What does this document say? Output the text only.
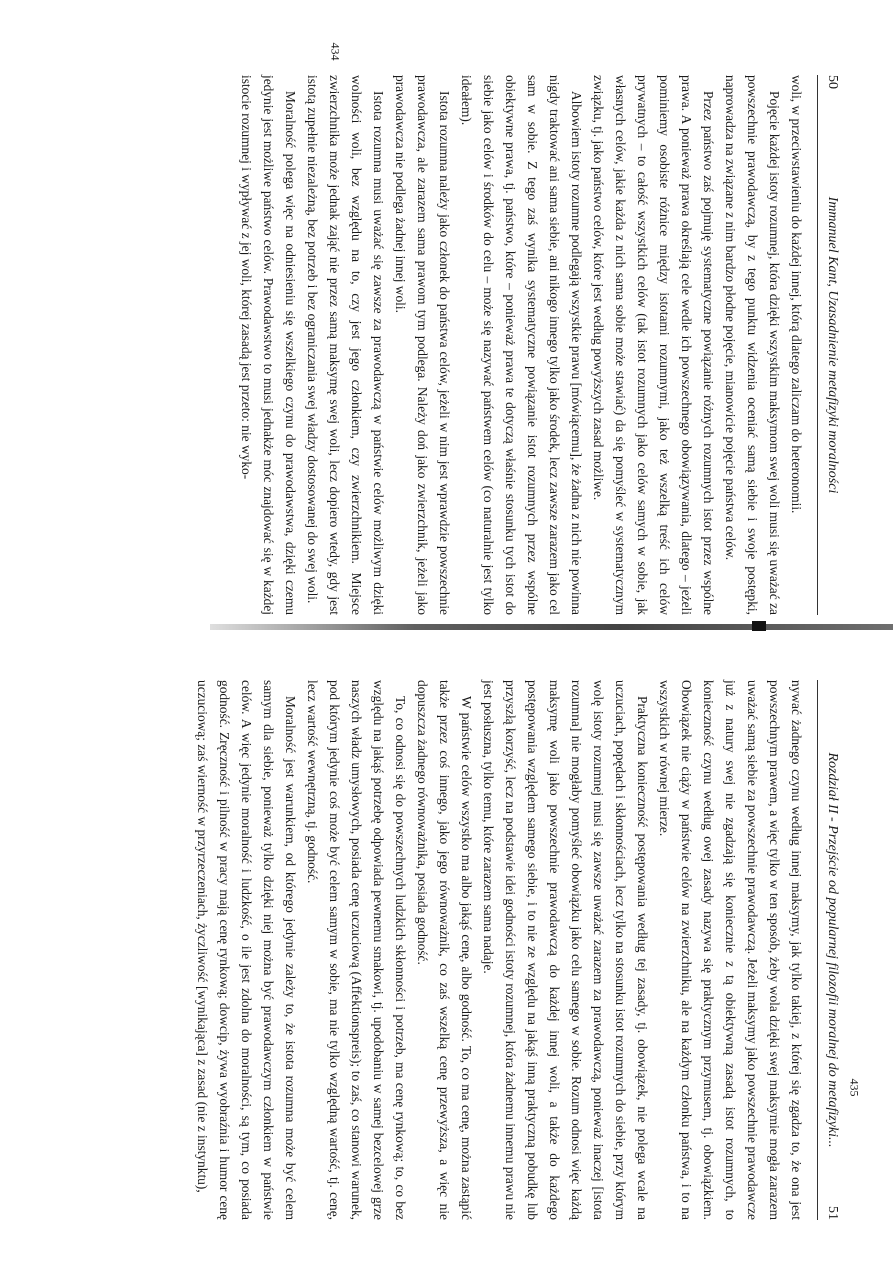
50
Immanuel Kant, Uzasadnienie metafizyki moralności

woli, w przeciwstawieniu do każdej innej, którą dlatego zaliczam do heteronomii.

Pojęcie każdej istoty rozumnej, która dzięki wszystkim maksymom swej woli musi się uważać za powszechnie prawodawczą, by z tego punktu widzenia oceniać samą siebie i swoje postępki, naprowadza na związane z nim bardzo płodne pojęcie, mianowicie pojęcie państwa celów.

Przez państwo zaś pojmuję systematyczne powiązanie różnych rozumnych istot przez wspólne prawa. A ponieważ prawa określają cele wedle ich powszechnego obowiązywania, dlatego – jeżeli pominiemy osobiste różnice między istotami rozumnymi, jako też wszelką treść ich celów prywatnych – to całość wszystkich celów (tak istot rozumnych jako celów samych w sobie, jak własnych celów, jakie każda z nich sama sobie może stawiać) da się pomyśleć w systematycznym związku, tj. jako państwo celów, które jest według powyższych zasad możliwe.

Albowiem istoty rozumne podlegają wszystkie prawu [mówiącemu], że żadna z nich nie powinna nigdy traktować ani sama siebie, ani nikogo innego tylko jako środek, lecz zawsze zarazem jako cel sam w sobie. Z tego zaś wynika systematyczne powiązanie istot rozumnych przez wspólne obiektywne prawa, tj. państwo, które – ponieważ prawa te dotyczą właśnie stosunku tych istot do siebie jako celów i środków do celu – może się nazywać państwem celów (co naturalnie jest tylko ideałem).

Istota rozumna należy jako członek do państwa celów, jeżeli w nim jest wprawdzie powszechnie prawodawcza, ale zarazem sama prawom tym podlega. Należy doń jako zwierzchnik, jeżeli jako prawodawcza nie podlega żadnej innej woli.

Istota rozumna musi uważać się zawsze za prawodawczą w państwie celów możliwym dzięki wolności woli, bez względu na to, czy jest jego członkiem, czy zwierzchnikiem. Miejsce zwierzchnika może jednak zająć nie przez samą maksymę swej woli, lecz dopiero wtedy, gdy jest istotą zupełnie niezależną, bez potrzeb i bez ograniczania swej władzy dostosowanej do swej woli.

Moralność polega więc na odniesieniu się wszelkiego czynu do prawodawstwa, dzięki czemu jedynie jest możliwe państwo celów. Prawodawstwo to musi jednakże móc znajdować się w każdej istocie rozumnej i wypływać z jej woli, której zasadą jest przeto: nie wyko-

434
Rozdział II - Przejście od popularnej filozofii moralnej do metafizyki...
51

nywać żadnego czynu według innej maksymy, jak tylko takiej, z której się zgadza to, że ona jest powszechnym prawem, a więc tylko w ten sposób, żeby wola dzięki swej maksymie mogła zarazem uważać samą siebie za powszechnie prawodawczą. Jeżeli maksymy jako powszechnie prawodawcze już z natury swej nie zgadzają się koniecznie z tą obiektywną zasadą istot rozumnych, to konieczność czynu według owej zasady nazywa się praktycznym przymusem, tj. obowiązkiem. Obowiązek nie ciąży w państwie celów na zwierzchniku, ale na każdym członku państwa, i to na wszystkich w równej mierze.

Praktyczna konieczność postępowania według tej zasady, tj. obowiązek, nie polega wcale na uczuciach, popędach i skłonnościach, lecz tylko na stosunku istot rozumnych do siebie, przy którym wolę istoty rozumnej musi się zawsze uważać zarazem za prawodawczą, ponieważ inaczej [istota rozumna] nie mogłaby pomyśleć obowiązku jako celu samego w sobie. Rozum odnosi więc każdą maksymę woli jako powszechnie prawodawczą do każdej innej woli, a także do każdego postępowania względem samego siebie, i to nie ze względu na jakąś inną praktyczną pobudkę lub przyszłą korzyść, lecz na podstawie idei godności istoty rozumnej, która żadnemu innemu prawu nie jest posłuszna, tylko temu, które zarazem sama nadaje.

W państwie celów wszystko ma albo jakąś cenę, albo godność. To, co ma cenę, można zastąpić także przez coś innego, jako jego równoważnik, co zaś wszelką cenę przewyższa, a więc nie dopuszcza żadnego równoważnika, posiada godność.

To, co odnosi się do powszechnych ludzkich skłonności i potrzeb, ma cenę rynkową; to, co bez względu na jakąś potrzebę odpowiada pewnemu smakowi, tj. upodobaniu w samej bezcelowej grze naszych władz umysłowych, posiada cenę uczuciową (Affektionspreis); to zaś, co stanowi warunek, pod którym jedynie coś może być celem samym w sobie, ma nie tylko względną wartość, tj. cenę, lecz wartość wewnętrzną, tj. godność.

Moralność jest warunkiem, od którego jedynie zależy to, że istota rozumna może być celem samym dla siebie, ponieważ tylko dzięki niej można być prawodawczym członkiem w państwie celów. A więc jedynie moralność i ludzkość, o ile jest zdolna do moralności, są tym, co posiada godność. Zręczność i pilność w pracy mają cenę rynkową; dowcip, żywa wyobraźnia i humor cenę uczuciową; zaś wierność w przyrzeczeniach, życzliwość [wynikająca] z zasad (nie z instynktu),	435
